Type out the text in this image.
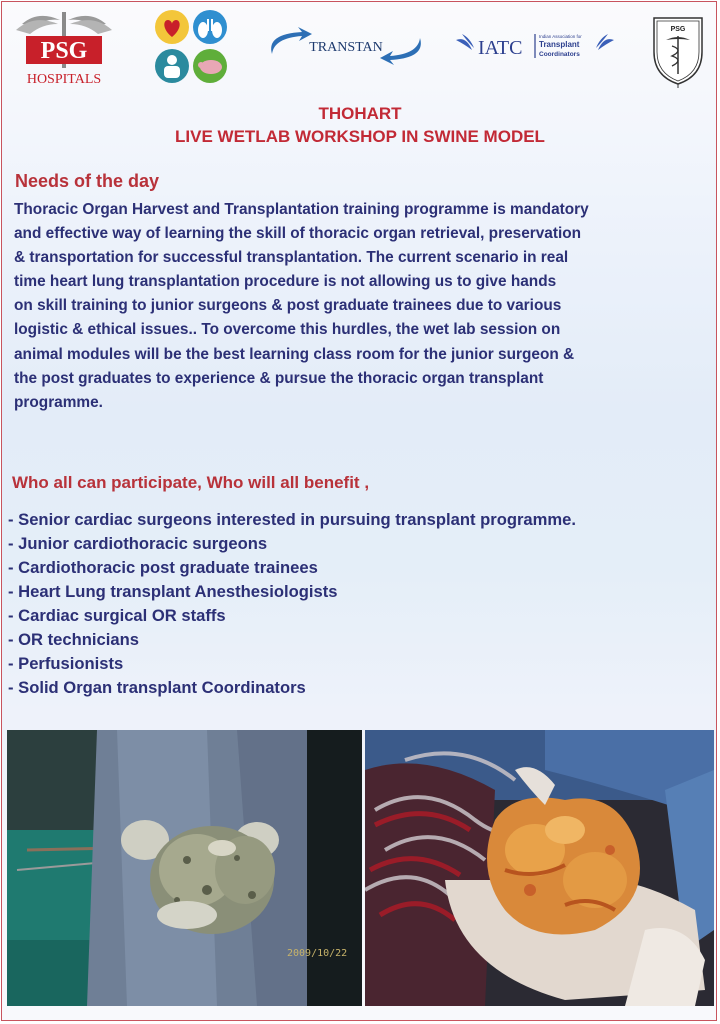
PSG
HOSPITALS
TRANSTAN	IATC
Indian Association for
Transplant
Coordinators
PSG
THOHART
LIVE WETLAB WORKSHOP IN SWINE MODEL
Needs of the day
Thoracic Organ Harvest and Transplantation training programme is mandatory
and effective way of learning the skill of thoracic organ retrieval, preservation
& transportation for successful transplantation. The current scenario in real
time heart lung transplantation procedure is not allowing us to give hands
on skill training to junior surgeons & post graduate trainees due to various
logistic & ethical issues.. To overcome this hurdles, the wet lab session on
animal modules will be the best learning class room for the junior surgeon &
the post graduates to experience & pursue the thoracic organ transplant
programme.
Who all can participate, Who will all benefit ,
- Senior cardiac surgeons interested in pursuing transplant programme.
- Junior cardiothoracic surgeons
- Cardiothoracic post graduate trainees
- Heart Lung transplant Anesthesiologists
- Cardiac surgical OR staffs
- OR technicians
- Perfusionists
- Solid Organ transplant Coordinators
2009/10/22
